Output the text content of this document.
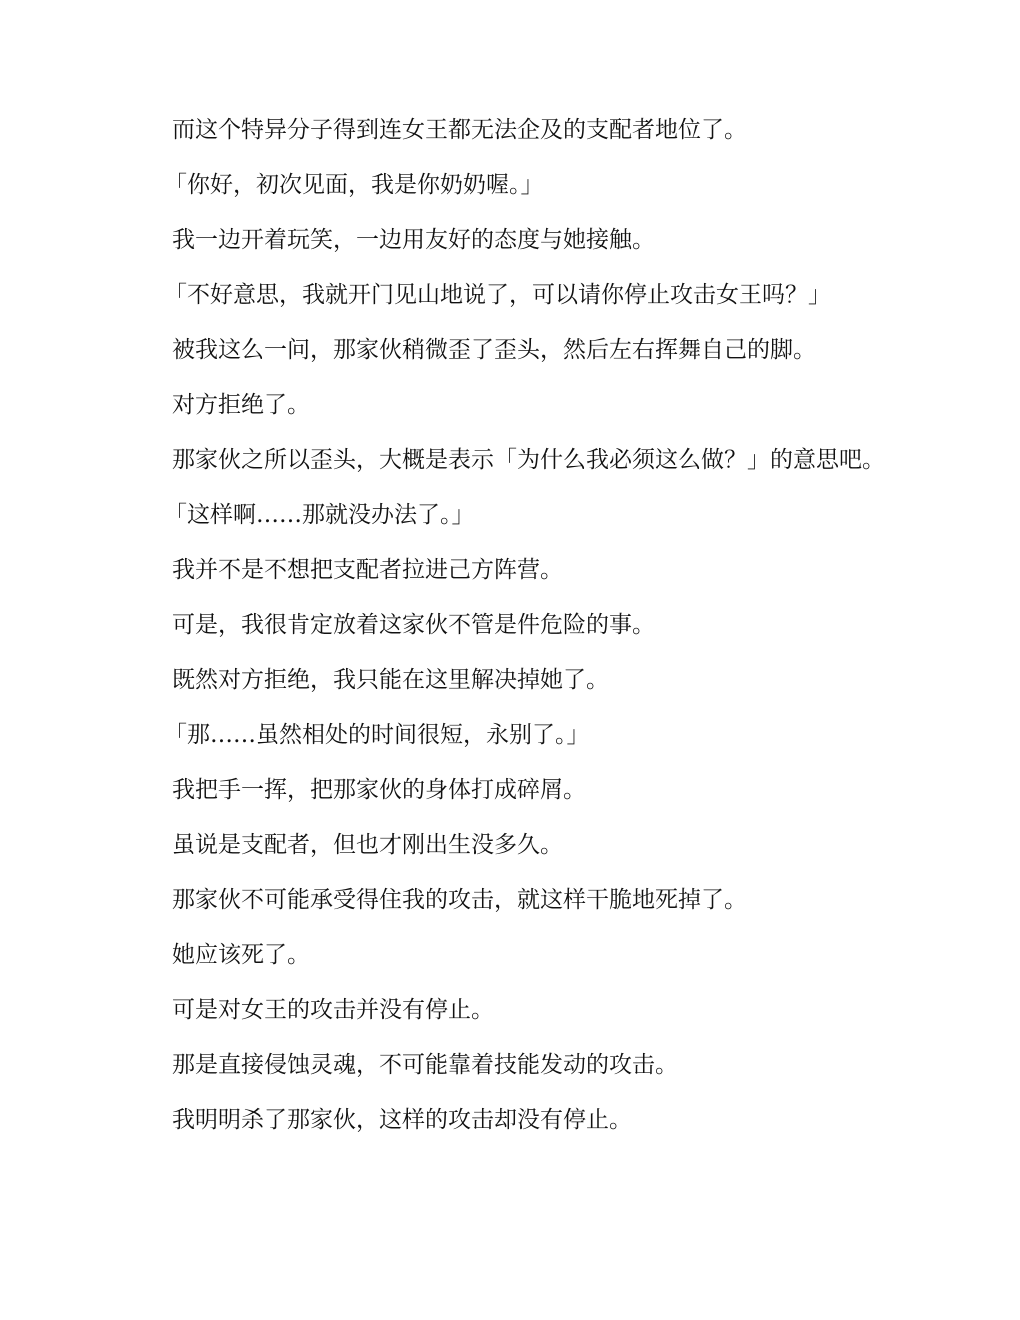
而这个特异分子得到连女王都无法企及的支配者地位了。

「你好，初次见面，我是你奶奶喔。」

我一边开着玩笑，一边用友好的态度与她接触。

「不好意思，我就开门见山地说了，可以请你停止攻击女王吗？」

被我这么一问，那家伙稍微歪了歪头，然后左右挥舞自己的脚。

对方拒绝了。

那家伙之所以歪头，大概是表示「为什么我必须这么做？」的意思吧。

「这样啊……那就没办法了。」

我并不是不想把支配者拉进己方阵营。

可是，我很肯定放着这家伙不管是件危险的事。

既然对方拒绝，我只能在这里解决掉她了。

「那……虽然相处的时间很短，永别了。」

我把手一挥，把那家伙的身体打成碎屑。

虽说是支配者，但也才刚出生没多久。

那家伙不可能承受得住我的攻击，就这样干脆地死掉了。

她应该死了。

可是对女王的攻击并没有停止。

那是直接侵蚀灵魂，不可能靠着技能发动的攻击。

我明明杀了那家伙，这样的攻击却没有停止。
